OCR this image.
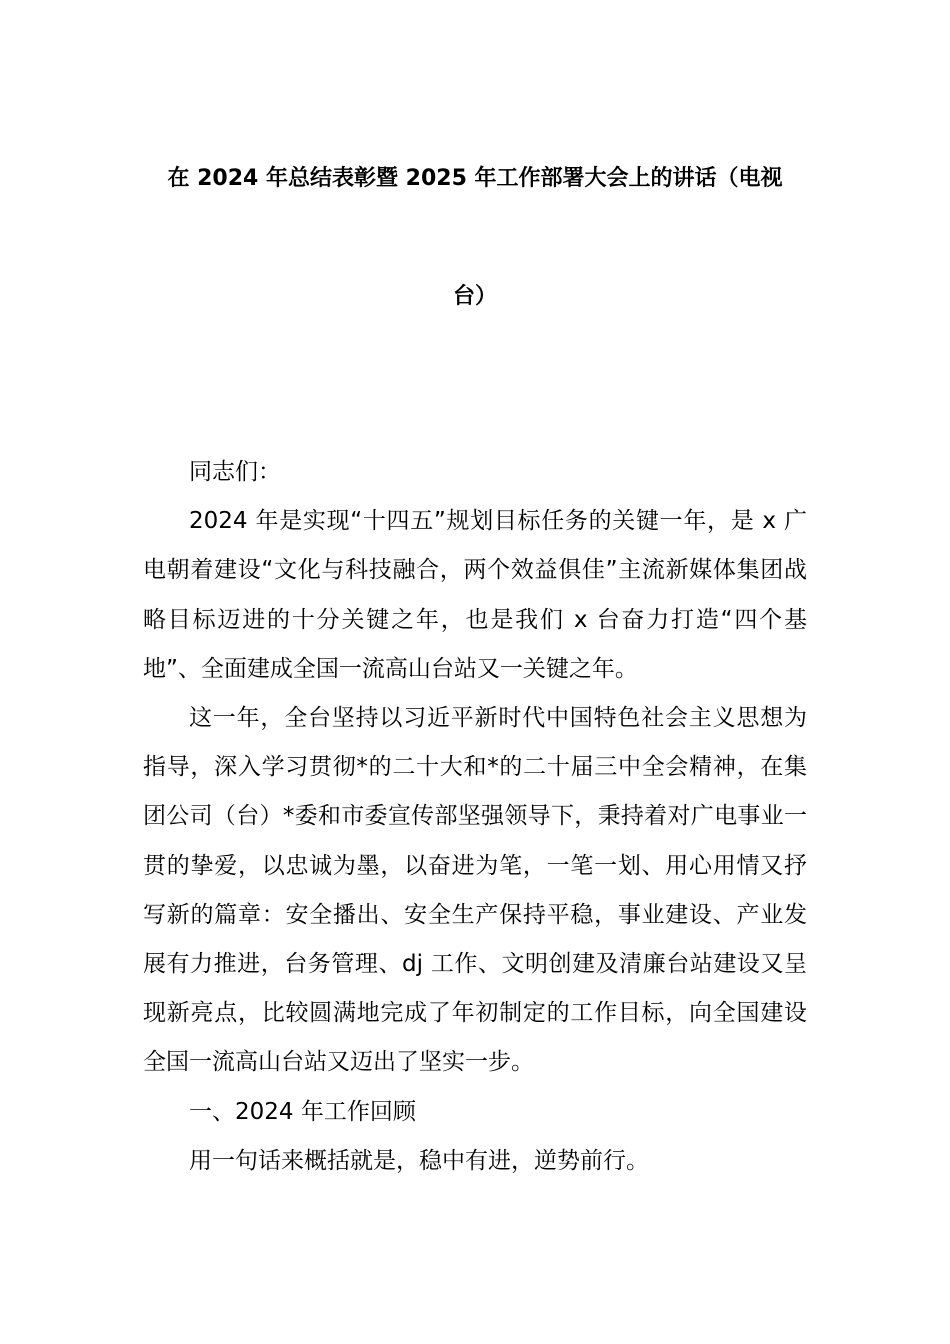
在 2024 年总结表彰暨 2025 年工作部署大会上的讲话（电视
台）

同志们：

2024 年是实现“十四五”规划目标任务的关键一年，是 x 广电朝着建设“文化与科技融合，两个效益俱佳”主流新媒体集团战略目标迈进的十分关键之年，也是我们 x 台奋力打造“四个基地”、全面建成全国一流高山台站又一关键之年。

这一年，全台坚持以习近平新时代中国特色社会主义思想为指导，深入学习贯彻*的二十大和*的二十届三中全会精神，在集团公司（台）*委和市委宣传部坚强领导下，秉持着对广电事业一贯的挚爱，以忠诚为墨，以奋进为笔，一笔一划、用心用情又抒写新的篇章：安全播出、安全生产保持平稳，事业建设、产业发展有力推进，台务管理、dj 工作、文明创建及清廉台站建设又呈现新亮点，比较圆满地完成了年初制定的工作目标，向全国建设全国一流高山台站又迈出了坚实一步。

一、2024 年工作回顾

用一句话来概括就是，稳中有进，逆势前行。
